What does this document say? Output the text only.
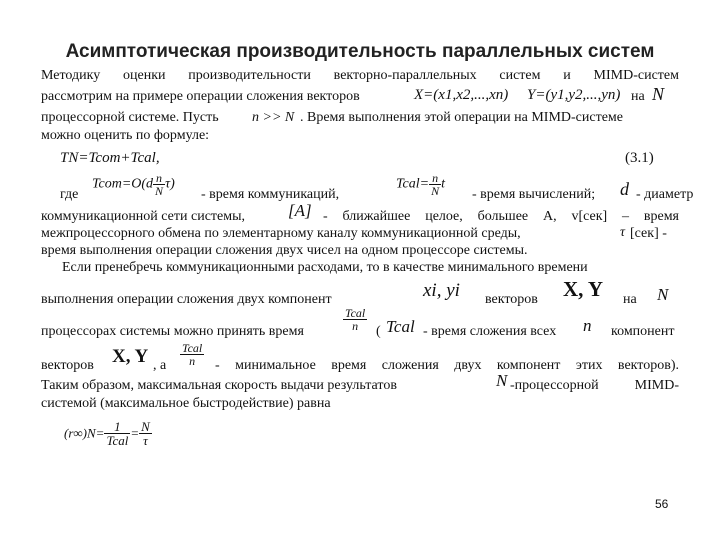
Асимптотическая производительность параллельных систем
Методику оценки производительности векторно-параллельных систем и MIMD-систем
рассмотрим на примере операции сложения векторов	X=(x1,x2,...,xn) Y=(y1,y2,...,yn) на N
процессорной системе. Пусть n >> N . Время выполнения этой операции на MIMD-системе
можно оценить по формуле:
TN=Tcom+Tcal,	(3.1)
где
Tcom=O(d $\frac{n}{N} \tau$)
- время коммуникаций,
Tcal= $\frac{n}{N}$ t
- время вычислений; d - диаметр
коммуникационной сети системы,	[A] - ближайшее целое, большее А, v[сек] – время
межпроцессорного обмена по элементарному каналу коммуникационной среды,	τ [сек] -
время выполнения операции сложения двух чисел на одном процессоре системы.
Если пренебречь коммуникационными расходами, то в качестве минимального времени
выполнения операции сложения двух компонент	xi, yi векторов X, Y на N
процессорах системы можно принять время	$\frac{\text{Tcal}}{n}$ ( Tcal - время сложения всех n компонент
векторов X, Y , а $\frac{\text{Tcal}}{n}$ - минимальное время сложения двух компонент этих векторов).
Таким образом, максимальная скорость выдачи результатов	N -процессорной MIMD-
системой (максимальное быстродействие) равна
$(r\infty)N= \frac{1}{\text{Tcal}} = \frac{N}{\tau}$
56
